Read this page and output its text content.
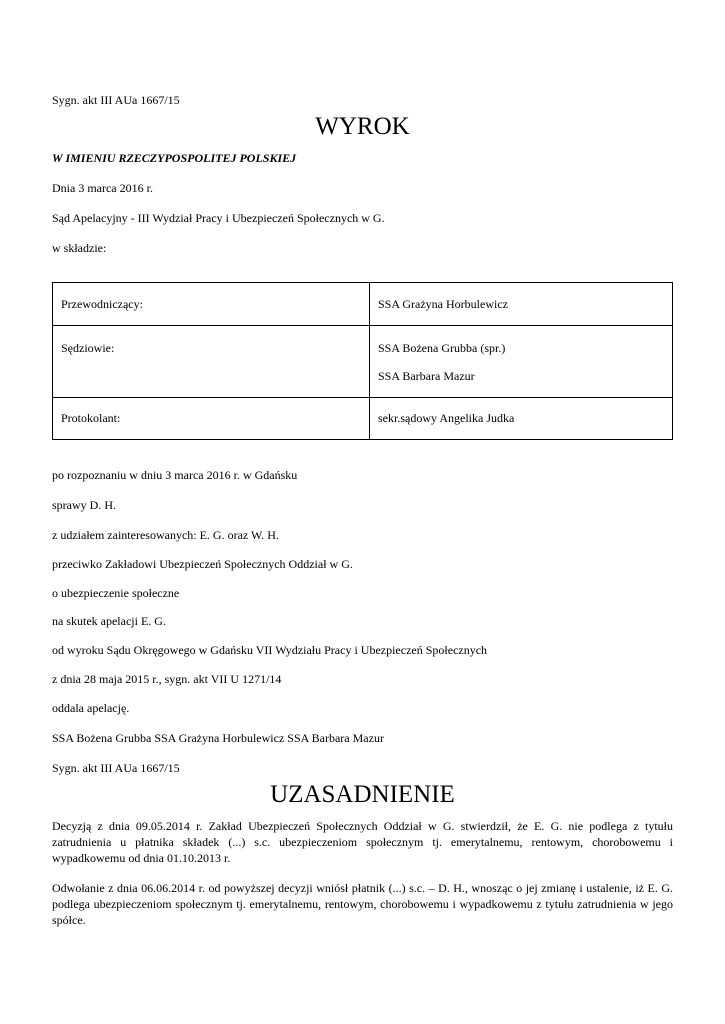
Sygn. akt III AUa 1667/15
WYROK
W IMIENIU RZECZYPOSPOLITEJ POLSKIEJ
Dnia 3 marca 2016 r.
Sąd Apelacyjny - III Wydział Pracy i Ubezpieczeń Społecznych w G.
w składzie:
Przewodniczący:	SSA Grażyna Horbulewicz

Sędziowie:	SSA Bożena Grubba (spr.)
SSA Barbara Mazur

Protokolant:	sekr.sądowy Angelika Judka
po rozpoznaniu w dniu 3 marca 2016 r. w Gdańsku
sprawy D. H.
z udziałem zainteresowanych: E. G. oraz W. H.
przeciwko Zakładowi Ubezpieczeń Społecznych Oddział w G.
o ubezpieczenie społeczne
na skutek apelacji E. G.
od wyroku Sądu Okręgowego w Gdańsku VII Wydziału Pracy i Ubezpieczeń Społecznych
z dnia 28 maja 2015 r., sygn. akt VII U 1271/14
oddala apelację.
SSA Bożena Grubba SSA Grażyna Horbulewicz SSA Barbara Mazur
Sygn. akt III AUa 1667/15
UZASADNIENIE
Decyzją z dnia 09.05.2014 r. Zakład Ubezpieczeń Społecznych Oddział w G. stwierdził, że E. G. nie podlega z tytułu zatrudnienia u płatnika składek (...) s.c. ubezpieczeniom społecznym tj. emerytalnemu, rentowym, chorobowemu i wypadkowemu od dnia 01.10.2013 r.
Odwołanie z dnia 06.06.2014 r. od powyższej decyzji wniósł płatnik (...) s.c. – D. H., wnosząc o jej zmianę i ustalenie, iż E. G. podlega ubezpieczeniom społecznym tj. emerytalnemu, rentowym, chorobowemu i wypadkowemu z tytułu zatrudnienia w jego spółce.
